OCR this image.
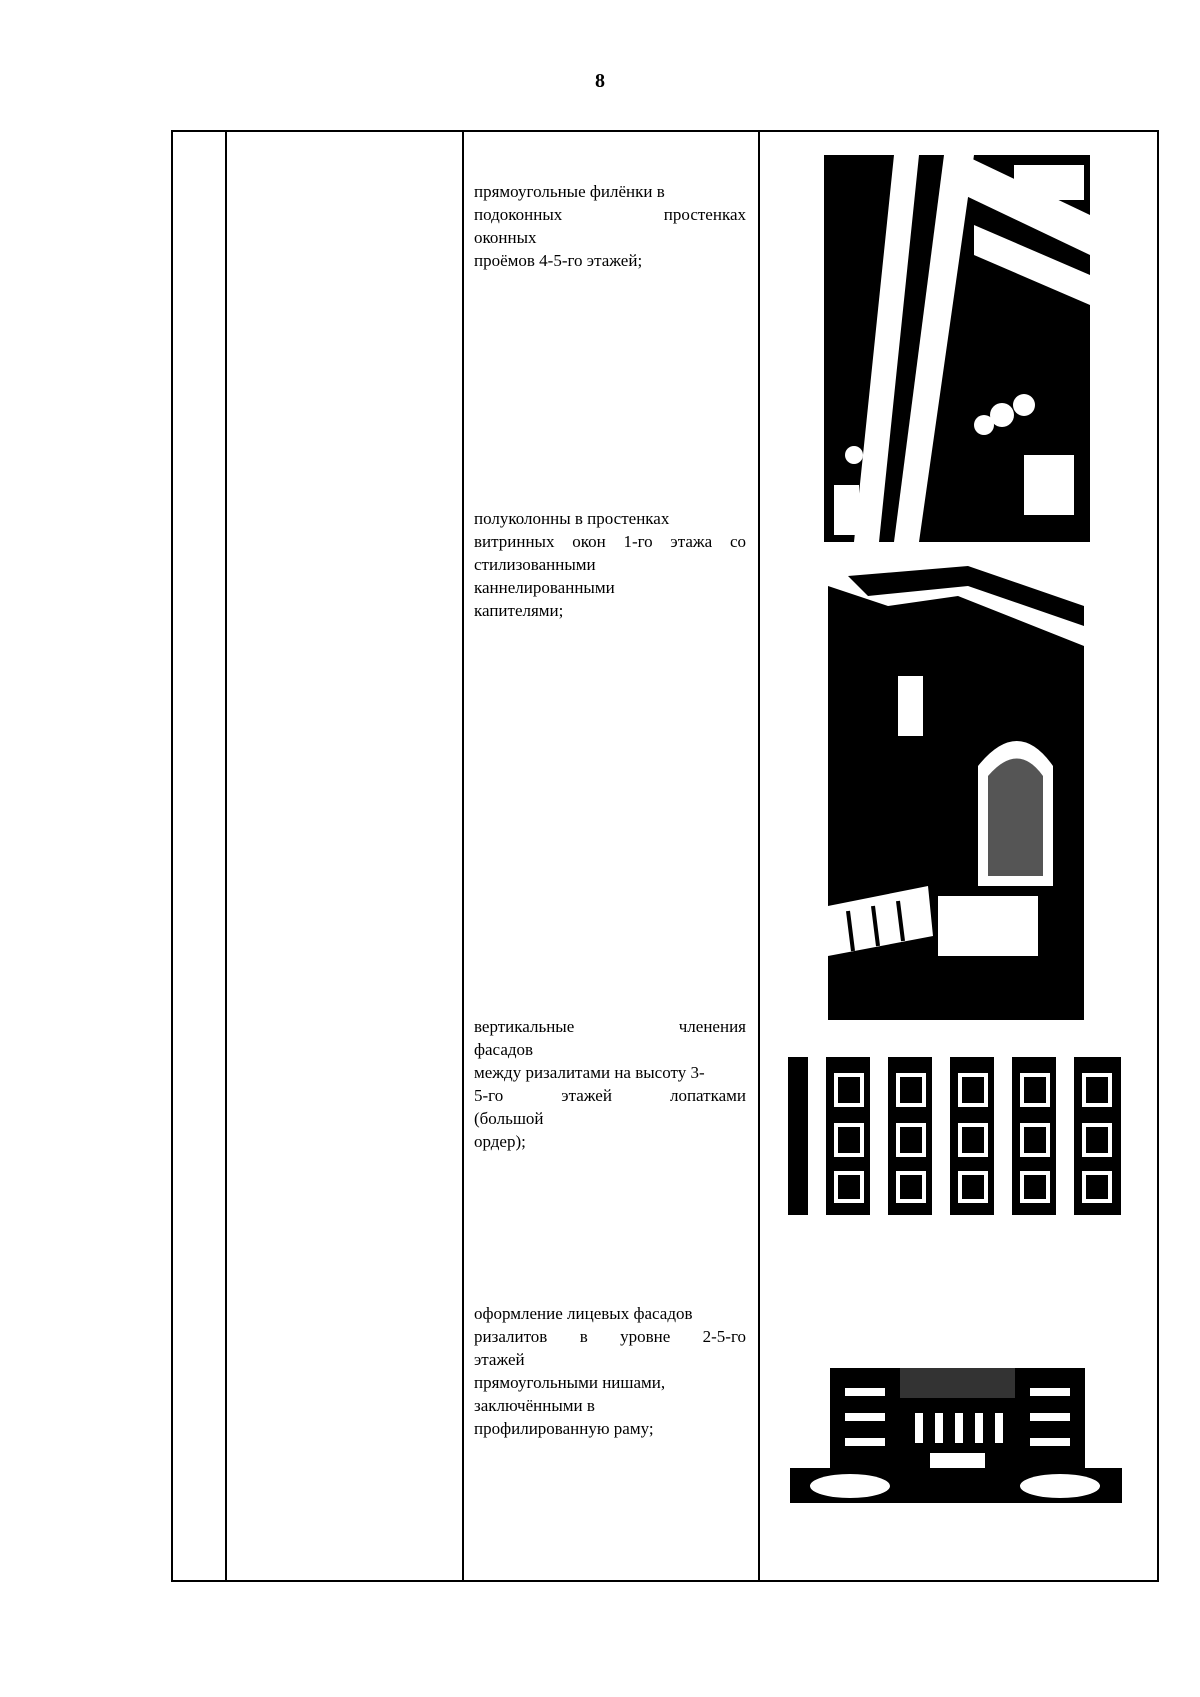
8
прямоугольные филёнки в
подоконных простенках
оконных
проёмов 4-5-го этажей;
полуколонны в простенках
витринных окон 1-го этажа со
стилизованными
каннелированными
капителями;
вертикальные членения
фасадов
между ризалитами на высоту 3-
5-го этажей лопатками
(большой
ордер);
оформление лицевых фасадов
ризалитов в уровне 2-5-го
этажей
прямоугольными нишами,
заключёнными в
профилированную раму;
